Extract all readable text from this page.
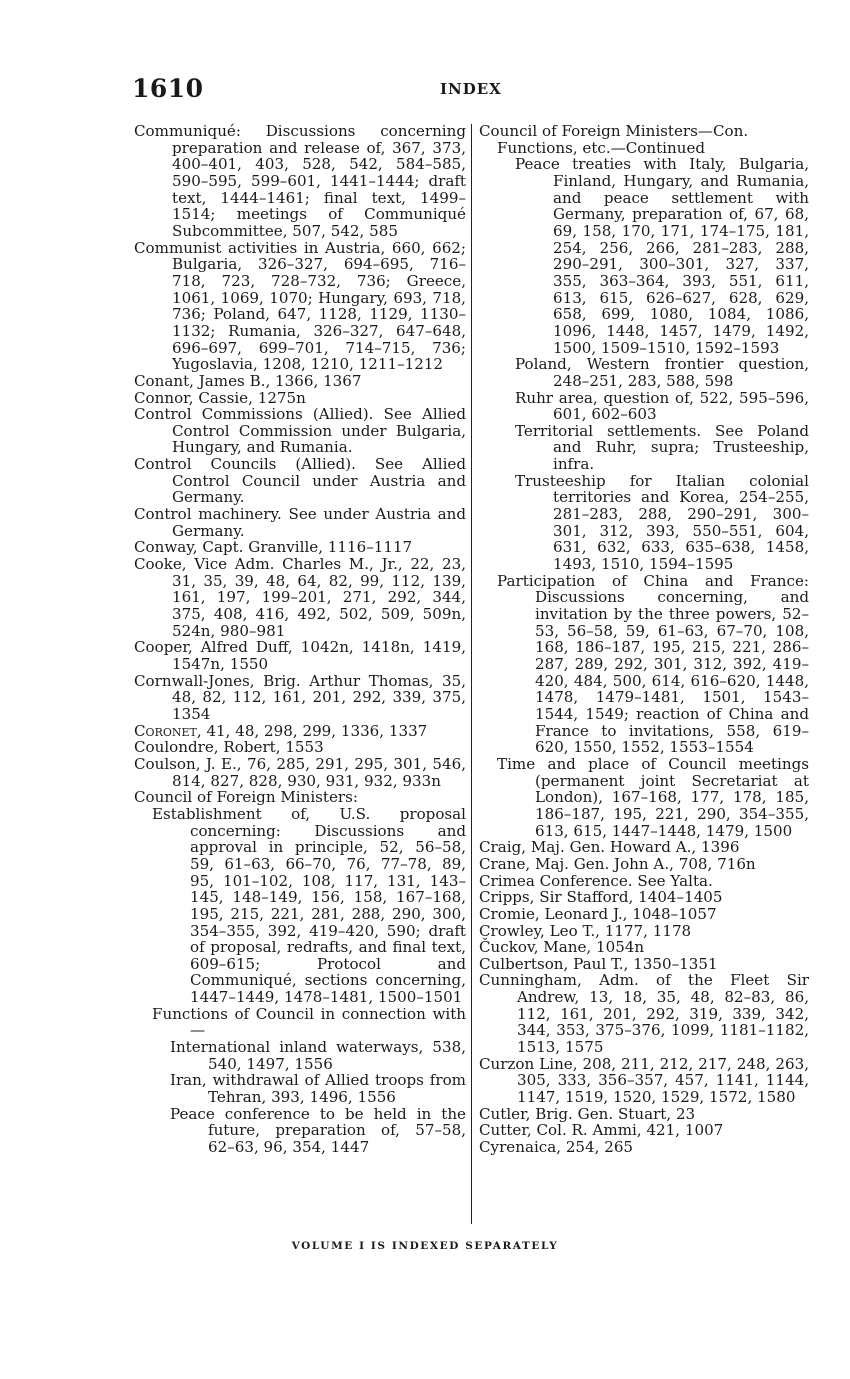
1610	INDEX
Communiqué: Discussions concerning preparation and release of, 367, 373, 400–401, 403, 528, 542, 584–585, 590–595, 599–601, 1441–1444; draft text, 1444–1461; final text, 1499–1514; meetings of Communiqué Subcommittee, 507, 542, 585
Communist activities in Austria, 660, 662; Bulgaria, 326–327, 694–695, 716–718, 723, 728–732, 736; Greece, 1061, 1069, 1070; Hungary, 693, 718, 736; Poland, 647, 1128, 1129, 1130–1132; Rumania, 326–327, 647–648, 696–697, 699–701, 714–715, 736; Yugoslavia, 1208, 1210, 1211–1212
Conant, James B., 1366, 1367
Connor, Cassie, 1275n
Control Commissions (Allied). See Allied Control Commission under Bulgaria, Hungary, and Rumania.
Control Councils (Allied). See Allied Control Council under Austria and Germany.
Control machinery. See under Austria and Germany.
Conway, Capt. Granville, 1116–1117
Cooke, Vice Adm. Charles M., Jr., 22, 23, 31, 35, 39, 48, 64, 82, 99, 112, 139, 161, 197, 199–201, 271, 292, 344, 375, 408, 416, 492, 502, 509, 509n, 524n, 980–981
Cooper, Alfred Duff, 1042n, 1418n, 1419, 1547n, 1550
Cornwall-Jones, Brig. Arthur Thomas, 35, 48, 82, 112, 161, 201, 292, 339, 375, 1354
Coronet, 41, 48, 298, 299, 1336, 1337
Coulondre, Robert, 1553
Coulson, J. E., 76, 285, 291, 295, 301, 546, 814, 827, 828, 930, 931, 932, 933n
Council of Foreign Ministers:
Establishment of, U.S. proposal concerning: Discussions and approval in principle, 52, 56–58, 59, 61–63, 66–70, 76, 77–78, 89, 95, 101–102, 108, 117, 131, 143–145, 148–149, 156, 158, 167–168, 195, 215, 221, 281, 288, 290, 300, 354–355, 392, 419–420, 590; draft of proposal, redrafts, and final text, 609–615; Protocol and Communiqué, sections concerning, 1447–1449, 1478–1481, 1500–1501
Functions of Council in connection with—
International inland waterways, 538, 540, 1497, 1556
Iran, withdrawal of Allied troops from Tehran, 393, 1496, 1556
Peace conference to be held in the future, preparation of, 57–58, 62–63, 96, 354, 1447
Council of Foreign Ministers—Con.
Functions, etc.—Continued
Peace treaties with Italy, Bulgaria, Finland, Hungary, and Rumania, and peace settlement with Germany, preparation of, 67, 68, 69, 158, 170, 171, 174–175, 181, 254, 256, 266, 281–283, 288, 290–291, 300–301, 327, 337, 355, 363–364, 393, 551, 611, 613, 615, 626–627, 628, 629, 658, 699, 1080, 1084, 1086, 1096, 1448, 1457, 1479, 1492, 1500, 1509–1510, 1592–1593
Poland, Western frontier question, 248–251, 283, 588, 598
Ruhr area, question of, 522, 595–596, 601, 602–603
Territorial settlements. See Poland and Ruhr, supra; Trusteeship, infra.
Trusteeship for Italian colonial territories and Korea, 254–255, 281–283, 288, 290–291, 300–301, 312, 393, 550–551, 604, 631, 632, 633, 635–638, 1458, 1493, 1510, 1594–1595
Participation of China and France: Discussions concerning, and invitation by the three powers, 52–53, 56–58, 59, 61–63, 67–70, 108, 168, 186–187, 195, 215, 221, 286–287, 289, 292, 301, 312, 392, 419–420, 484, 500, 614, 616–620, 1448, 1478, 1479–1481, 1501, 1543–1544, 1549; reaction of China and France to invitations, 558, 619–620, 1550, 1552, 1553–1554
Time and place of Council meetings (permanent joint Secretariat at London), 167–168, 177, 178, 185, 186–187, 195, 221, 290, 354–355, 613, 615, 1447–1448, 1479, 1500
Craig, Maj. Gen. Howard A., 1396
Crane, Maj. Gen. John A., 708, 716n
Crimea Conference. See Yalta.
Cripps, Sir Stafford, 1404–1405
Cromie, Leonard J., 1048–1057
Crowley, Leo T., 1177, 1178
Čuckov, Mane, 1054n
Culbertson, Paul T., 1350–1351
Cunningham, Adm. of the Fleet Sir Andrew, 13, 18, 35, 48, 82–83, 86, 112, 161, 201, 292, 319, 339, 342, 344, 353, 375–376, 1099, 1181–1182, 1513, 1575
Curzon Line, 208, 211, 212, 217, 248, 263, 305, 333, 356–357, 457, 1141, 1144, 1147, 1519, 1520, 1529, 1572, 1580
Cutler, Brig. Gen. Stuart, 23
Cutter, Col. R. Ammi, 421, 1007
Cyrenaica, 254, 265
VOLUME I IS INDEXED SEPARATELY
